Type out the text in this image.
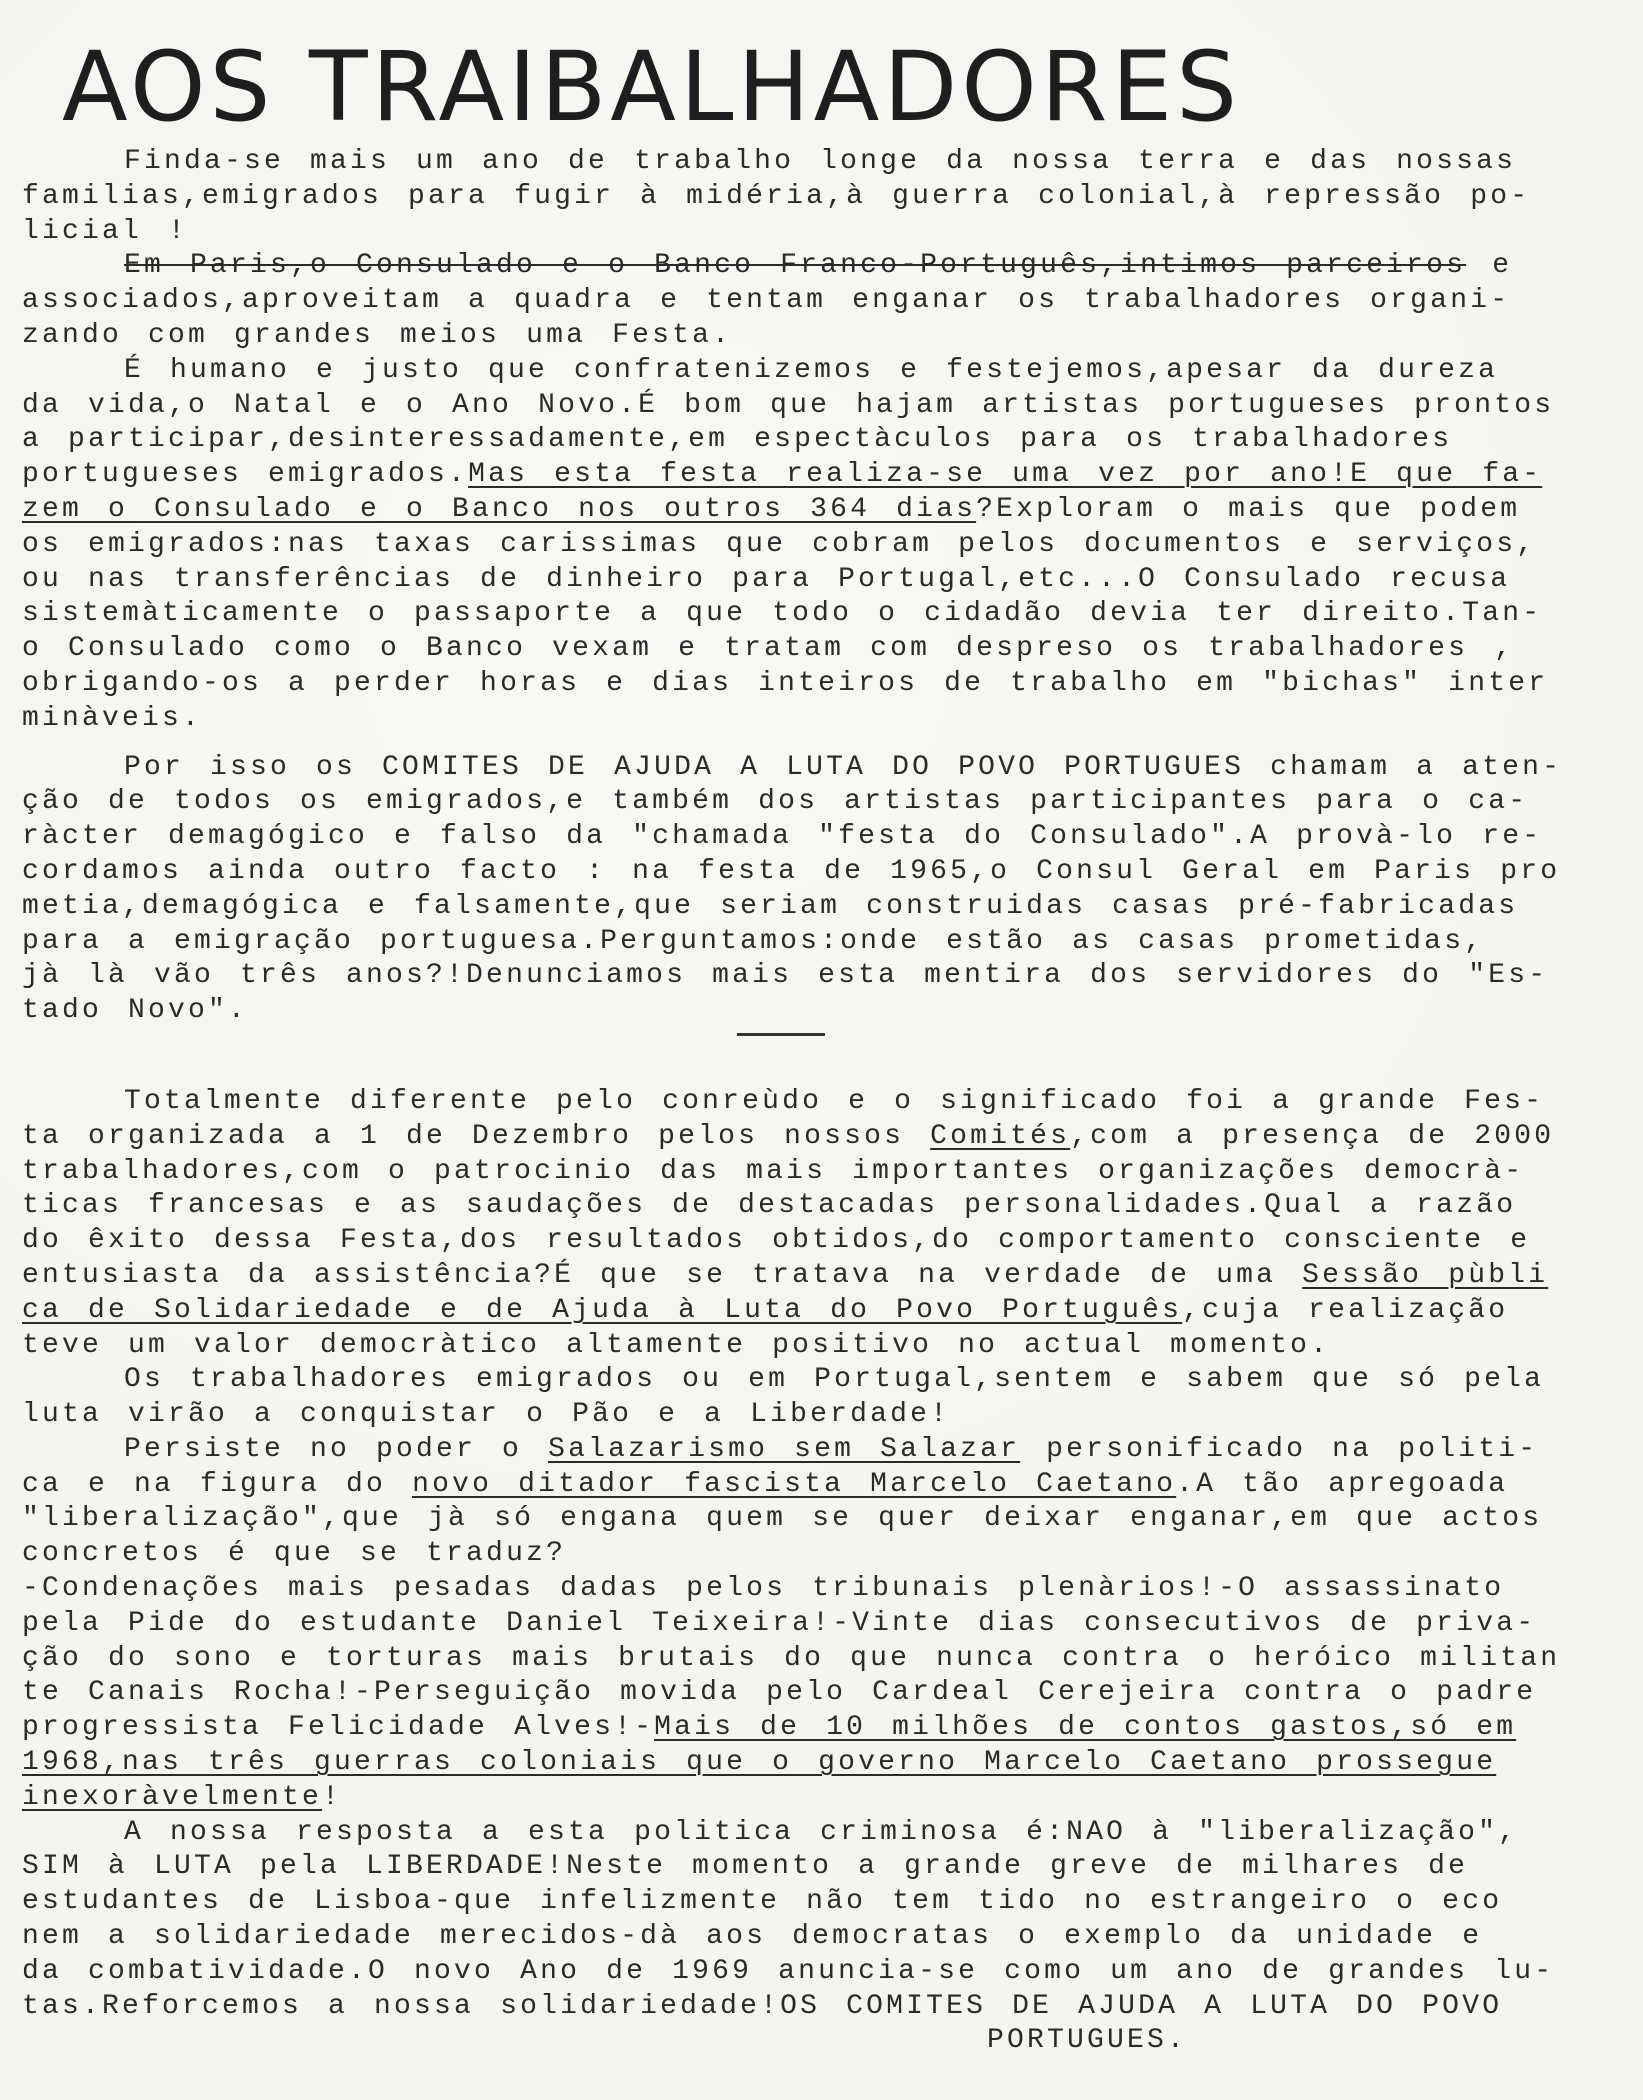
AOS TRAIBALHADORES
Finda-se mais um ano de trabalho longe da nossa terra e das nossas
familias,emigrados para fugir à midéria,à guerra colonial,à repressão po-
licial !
Em Paris,o Consulado e o Banco Franco-Português,intimos parceiros e
associados,aproveitam a quadra e tentam enganar os trabalhadores organi-
zando com grandes meios uma Festa.
É humano e justo que confratenizemos e festejemos,apesar da dureza
da vida,o Natal e o Ano Novo.É bom que hajam artistas portugueses prontos
a participar,desinteressadamente,em espectàculos para os trabalhadores
portugueses emigrados.Mas esta festa realiza-se uma vez por ano!E que fa-
zem o Consulado e o Banco nos outros 364 dias?Exploram o mais que podem
os emigrados:nas taxas carissimas que cobram pelos documentos e serviços,
ou nas transferências de dinheiro para Portugal,etc...O Consulado recusa
sistemàticamente o passaporte a que todo o cidadão devia ter direito.Tan-
o Consulado como o Banco vexam e tratam com despreso os trabalhadores ,
obrigando-os a perder horas e dias inteiros de trabalho em "bichas" inter
minàveis.
Por isso os COMITES DE AJUDA A LUTA DO POVO PORTUGUES chamam a aten-
ção de todos os emigrados,e também dos artistas participantes para o ca-
ràcter demagógico e falso da "chamada "festa do Consulado".A provà-lo re-
cordamos ainda outro facto : na festa de 1965,o Consul Geral em Paris pro
metia,demagógica e falsamente,que seriam construidas casas pré-fabricadas
para a emigração portuguesa.Perguntamos:onde estão as casas prometidas,
jà là vão três anos?!Denunciamos mais esta mentira dos servidores do "Es-
tado Novo".
Totalmente diferente pelo conreùdo e o significado foi a grande Fes-
ta organizada a 1 de Dezembro pelos nossos Comités,com a presença de 2000
trabalhadores,com o patrocinio das mais importantes organizações democrà-
ticas francesas e as saudações de destacadas personalidades.Qual a razão
do êxito dessa Festa,dos resultados obtidos,do comportamento consciente e
entusiasta da assistência?É que se tratava na verdade de uma Sessão pùbli
ca de Solidariedade e de Ajuda à Luta do Povo Português,cuja realização
teve um valor democràtico altamente positivo no actual momento.
Os trabalhadores emigrados ou em Portugal,sentem e sabem que só pela
luta virão a conquistar o Pão e a Liberdade!
Persiste no poder o Salazarismo sem Salazar personificado na politi-
ca e na figura do novo ditador fascista Marcelo Caetano.A tão apregoada
"liberalização",que jà só engana quem se quer deixar enganar,em que actos
concretos é que se traduz?
-Condenações mais pesadas dadas pelos tribunais plenàrios!-O assassinato
pela Pide do estudante Daniel Teixeira!-Vinte dias consecutivos de priva-
ção do sono e torturas mais brutais do que nunca contra o heróico militan
te Canais Rocha!-Perseguição movida pelo Cardeal Cerejeira contra o padre
progressista Felicidade Alves!-Mais de 10 milhões de contos gastos,só em
1968,nas três guerras coloniais que o governo Marcelo Caetano prossegue
inexoràvelmente!
A nossa resposta a esta politica criminosa é:NAO à "liberalização",
SIM à LUTA pela LIBERDADE!Neste momento a grande greve de milhares de
estudantes de Lisboa-que infelizmente não tem tido no estrangeiro o eco
nem a solidariedade merecidos-dà aos democratas o exemplo da unidade e
da combatividade.O novo Ano de 1969 anuncia-se como um ano de grandes lu-
tas.Reforcemos a nossa solidariedade!OS COMITES DE AJUDA A LUTA DO POVO
PORTUGUES.
